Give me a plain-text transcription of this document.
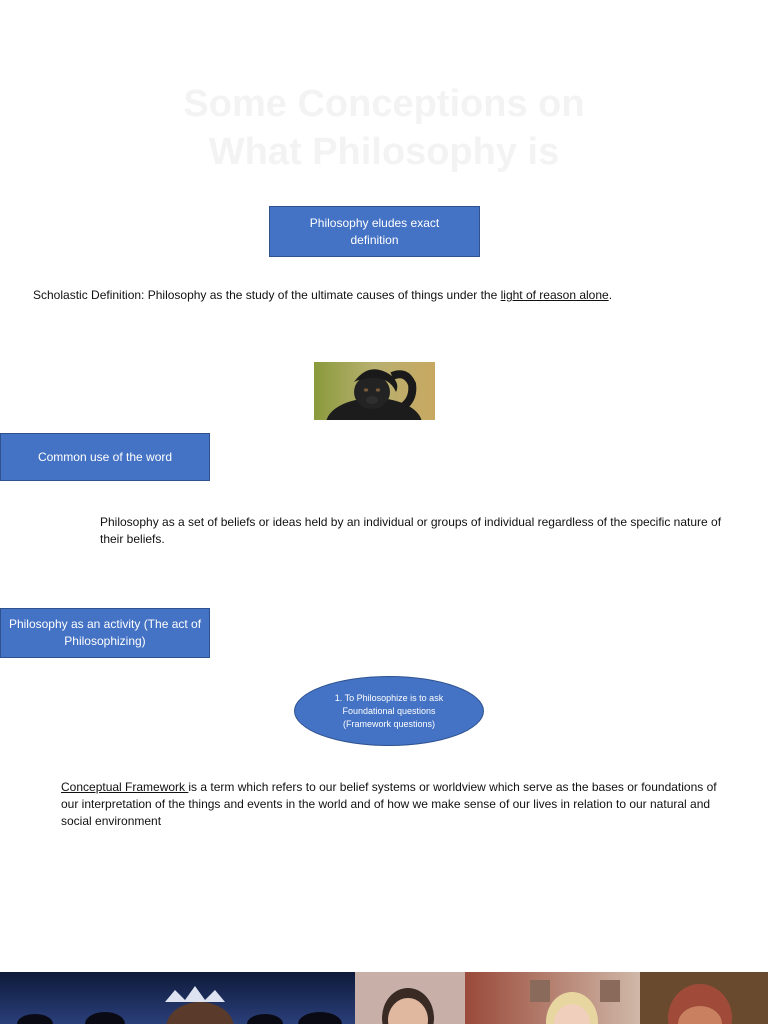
Some Conceptions on
What Philosophy is
Philosophy eludes exact definition
Scholastic Definition: Philosophy as the study of the ultimate causes of things under the light of reason alone.
Common use of the word
Philosophy as a set of beliefs or ideas held by an individual or groups of individual regardless of the specific nature of their beliefs.
Philosophy as an activity (The act of Philosophizing)
1. To Philosophize is to ask
Foundational questions
(Framework questions)
Conceptual Framework is a term which refers to our belief systems or worldview which serve as the bases or foundations of our interpretation of the things and events in the world and of how we make sense of our lives in relation to our natural and social environment
